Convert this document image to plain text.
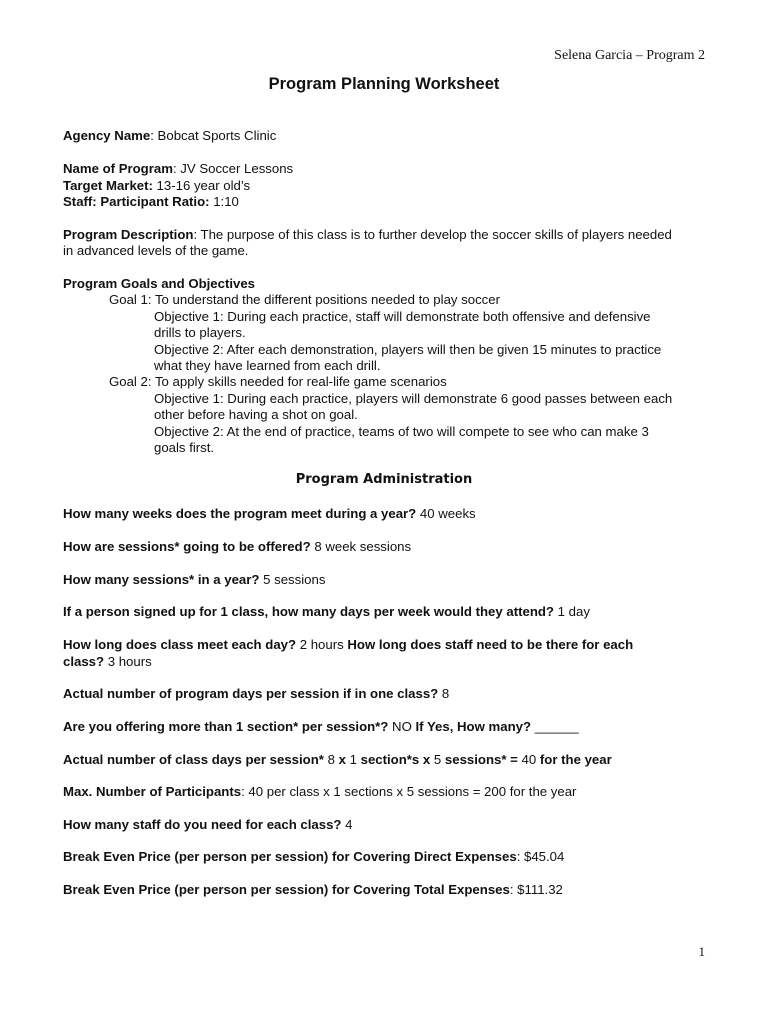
Selena Garcia – Program 2
Program Planning Worksheet
Agency Name: Bobcat Sports Clinic
Name of Program: JV Soccer Lessons
Target Market: 13-16 year old’s
Staff: Participant Ratio: 1:10
Program Description: The purpose of this class is to further develop the soccer skills of players needed
in advanced levels of the game.
Program Goals and Objectives
Goal 1: To understand the different positions needed to play soccer
Objective 1: During each practice, staff will demonstrate both offensive and defensive
drills to players.
Objective 2: After each demonstration, players will then be given 15 minutes to practice
what they have learned from each drill.
Goal 2: To apply skills needed for real-life game scenarios
Objective 1: During each practice, players will demonstrate 6 good passes between each
other before having a shot on goal.
Objective 2: At the end of practice, teams of two will compete to see who can make 3
goals first.
Program Administration
How many weeks does the program meet during a year? 40 weeks
How are sessions* going to be offered? 8 week sessions
How many sessions* in a year? 5 sessions
If a person signed up for 1 class, how many days per week would they attend? 1 day
How long does class meet each day? 2 hours How long does staff need to be there for each
class? 3 hours
Actual number of program days per session if in one class? 8
Are you offering more than 1 section* per session*? NO If Yes, How many? ______
Actual number of class days per session* 8 x 1 section*s x 5 sessions* = 40 for the year
Max. Number of Participants: 40 per class x 1 sections x 5 sessions = 200 for the year
How many staff do you need for each class? 4
Break Even Price (per person per session) for Covering Direct Expenses: $45.04
Break Even Price (per person per session) for Covering Total Expenses: $111.32
1
